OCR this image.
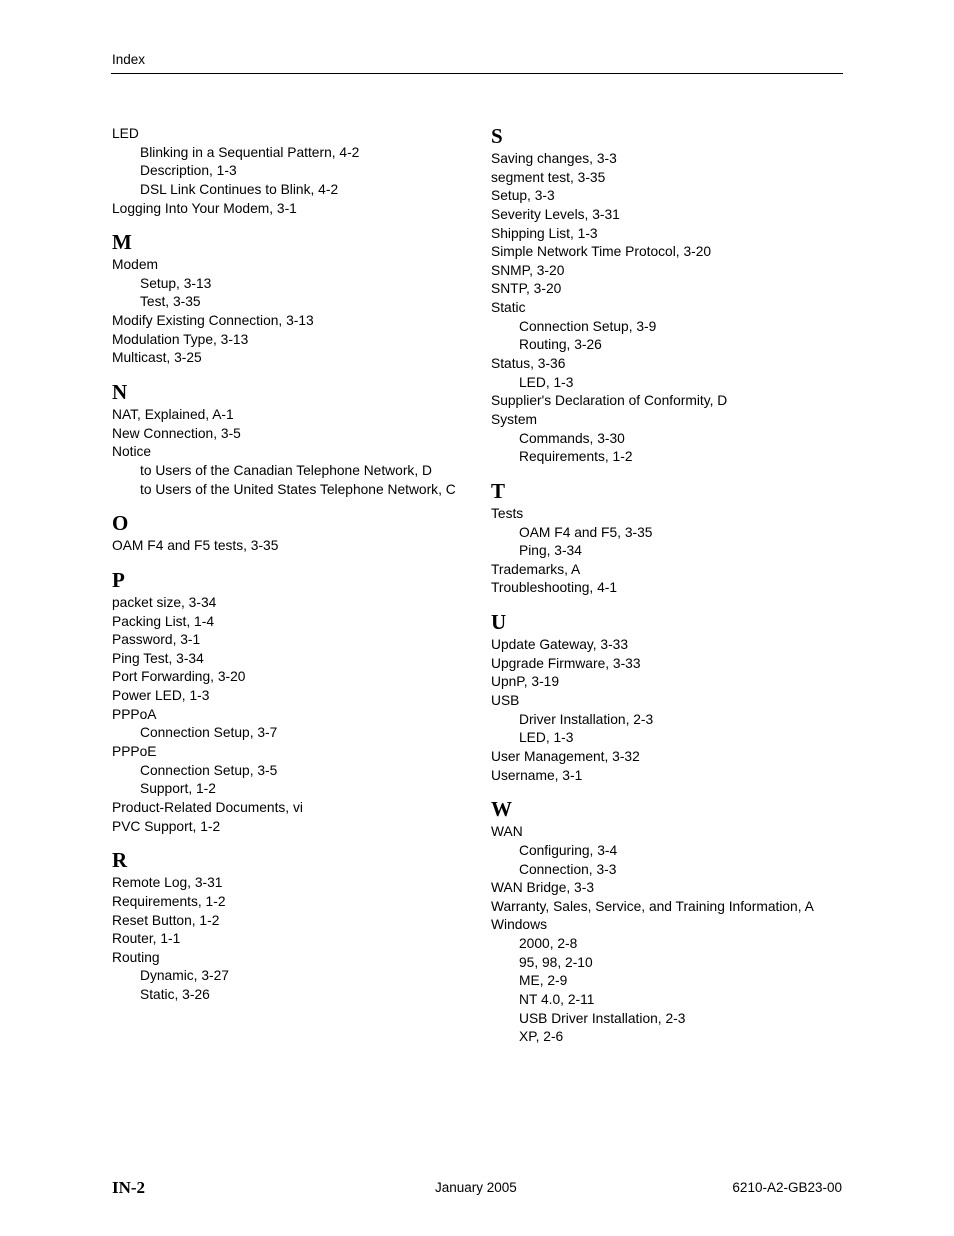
Index
LED
Blinking in a Sequential Pattern, 4-2
Description, 1-3
DSL Link Continues to Blink, 4-2
Logging Into Your Modem, 3-1
M
Modem
Setup, 3-13
Test, 3-35
Modify Existing Connection, 3-13
Modulation Type, 3-13
Multicast, 3-25
N
NAT, Explained, A-1
New Connection, 3-5
Notice
to Users of the Canadian Telephone Network, D
to Users of the United States Telephone Network, C
O
OAM F4 and F5 tests, 3-35
P
packet size, 3-34
Packing List, 1-4
Password, 3-1
Ping Test, 3-34
Port Forwarding, 3-20
Power LED, 1-3
PPPoA
Connection Setup, 3-7
PPPoE
Connection Setup, 3-5
Support, 1-2
Product-Related Documents, vi
PVC Support, 1-2
R
Remote Log, 3-31
Requirements, 1-2
Reset Button, 1-2
Router, 1-1
Routing
Dynamic, 3-27
Static, 3-26
S
Saving changes, 3-3
segment test, 3-35
Setup, 3-3
Severity Levels, 3-31
Shipping List, 1-3
Simple Network Time Protocol, 3-20
SNMP, 3-20
SNTP, 3-20
Static
Connection Setup, 3-9
Routing, 3-26
Status, 3-36
LED, 1-3
Supplier's Declaration of Conformity, D
System
Commands, 3-30
Requirements, 1-2
T
Tests
OAM F4 and F5, 3-35
Ping, 3-34
Trademarks, A
Troubleshooting, 4-1
U
Update Gateway, 3-33
Upgrade Firmware, 3-33
UpnP, 3-19
USB
Driver Installation, 2-3
LED, 1-3
User Management, 3-32
Username, 3-1
W
WAN
Configuring, 3-4
Connection, 3-3
WAN Bridge, 3-3
Warranty, Sales, Service, and Training Information, A
Windows
2000, 2-8
95, 98, 2-10
ME, 2-9
NT 4.0, 2-11
USB Driver Installation, 2-3
XP, 2-6
IN-2	January 2005	6210-A2-GB23-00
